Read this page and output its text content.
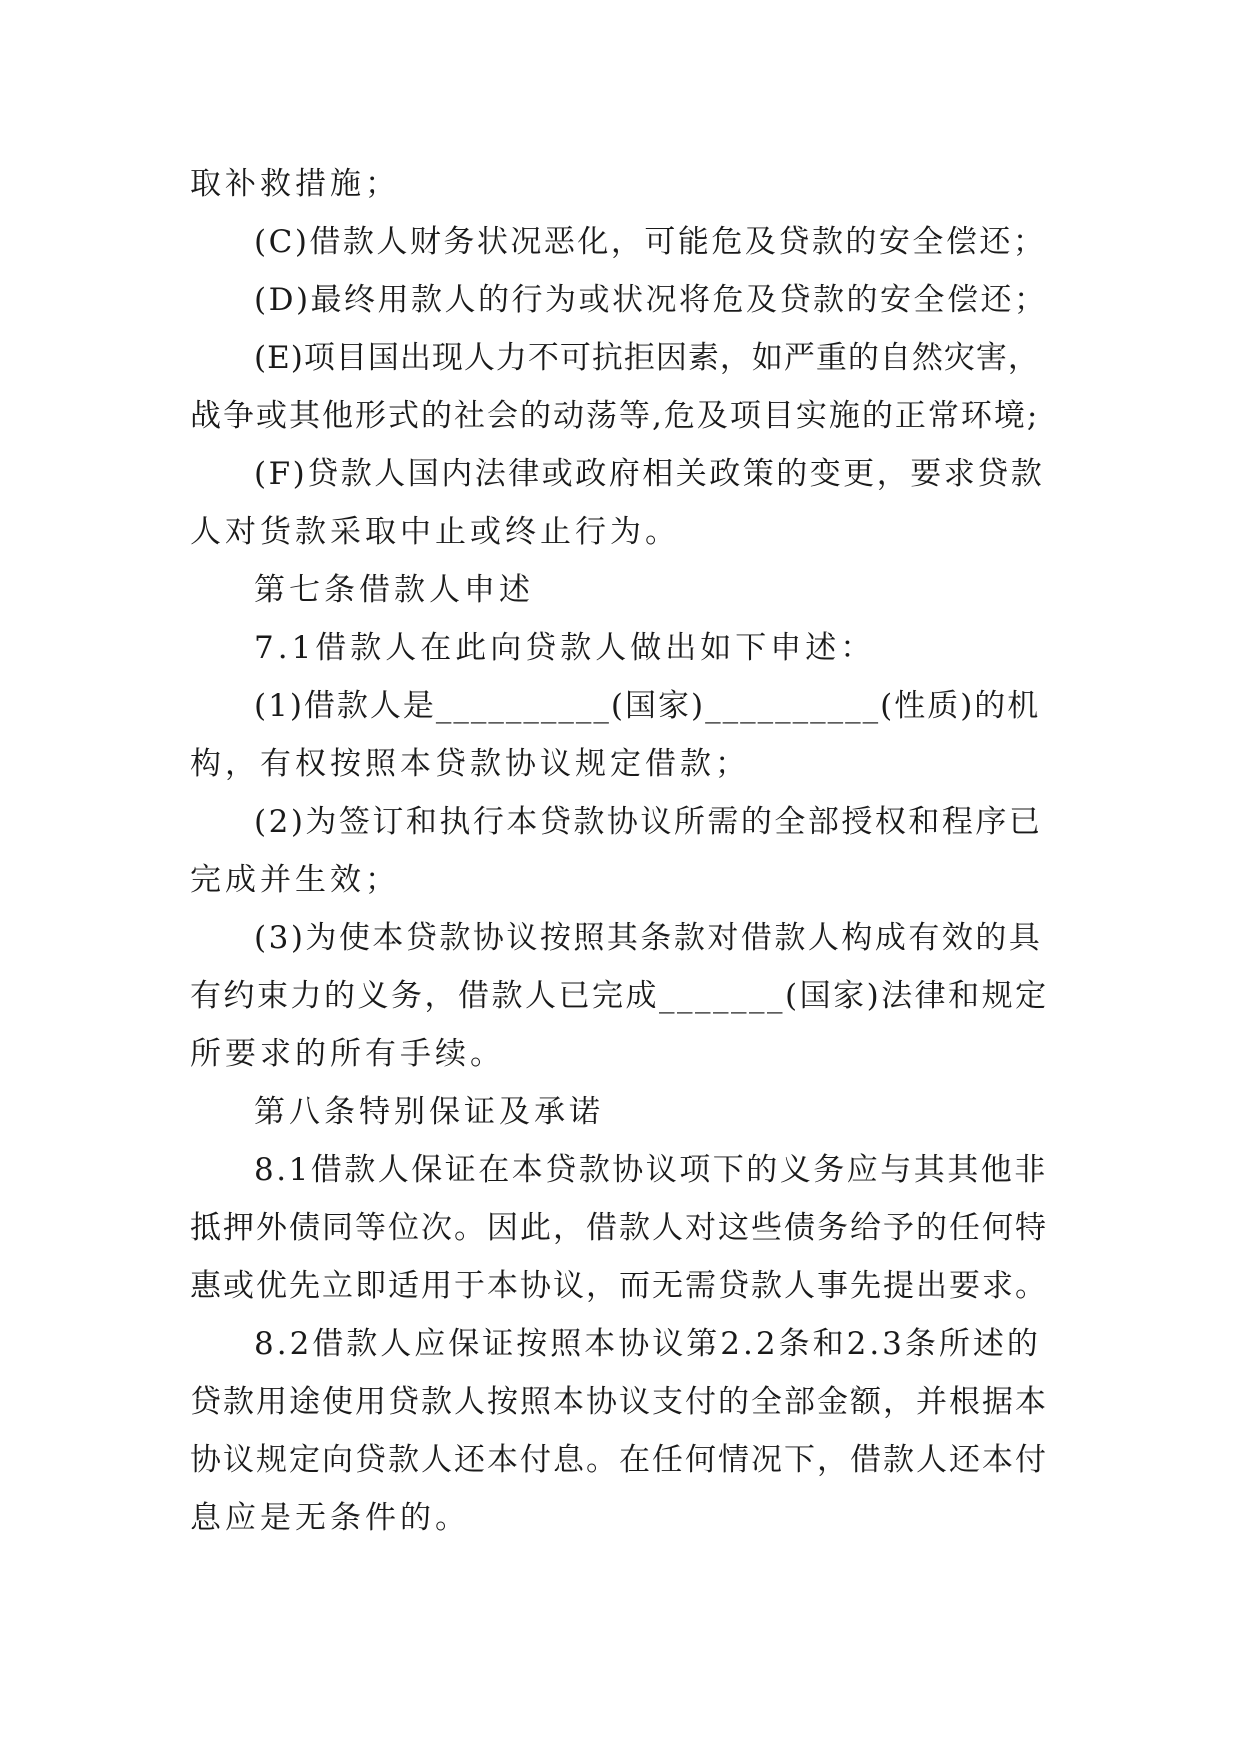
取补救措施；
(C)借款人财务状况恶化，可能危及贷款的安全偿还；
(D)最终用款人的行为或状况将危及贷款的安全偿还；
(E)项目国出现人力不可抗拒因素，如严重的自然灾害，
战争或其他形式的社会的动荡等,危及项目实施的正常环境;
(F)贷款人国内法律或政府相关政策的变更，要求贷款
人对货款采取中止或终止行为。
第七条借款人申述
7.1借款人在此向贷款人做出如下申述：
(1)借款人是__________(国家)__________(性质)的机
构，有权按照本贷款协议规定借款；
(2)为签订和执行本贷款协议所需的全部授权和程序已
完成并生效；
(3)为使本贷款协议按照其条款对借款人构成有效的具
有约束力的义务，借款人已完成_______(国家)法律和规定
所要求的所有手续。
第八条特别保证及承诺
8.1借款人保证在本贷款协议项下的义务应与其其他非
抵押外债同等位次。因此，借款人对这些债务给予的任何特
惠或优先立即适用于本协议，而无需贷款人事先提出要求。
8.2借款人应保证按照本协议第2.2条和2.3条所述的
贷款用途使用贷款人按照本协议支付的全部金额，并根据本
协议规定向贷款人还本付息。在任何情况下，借款人还本付
息应是无条件的。
